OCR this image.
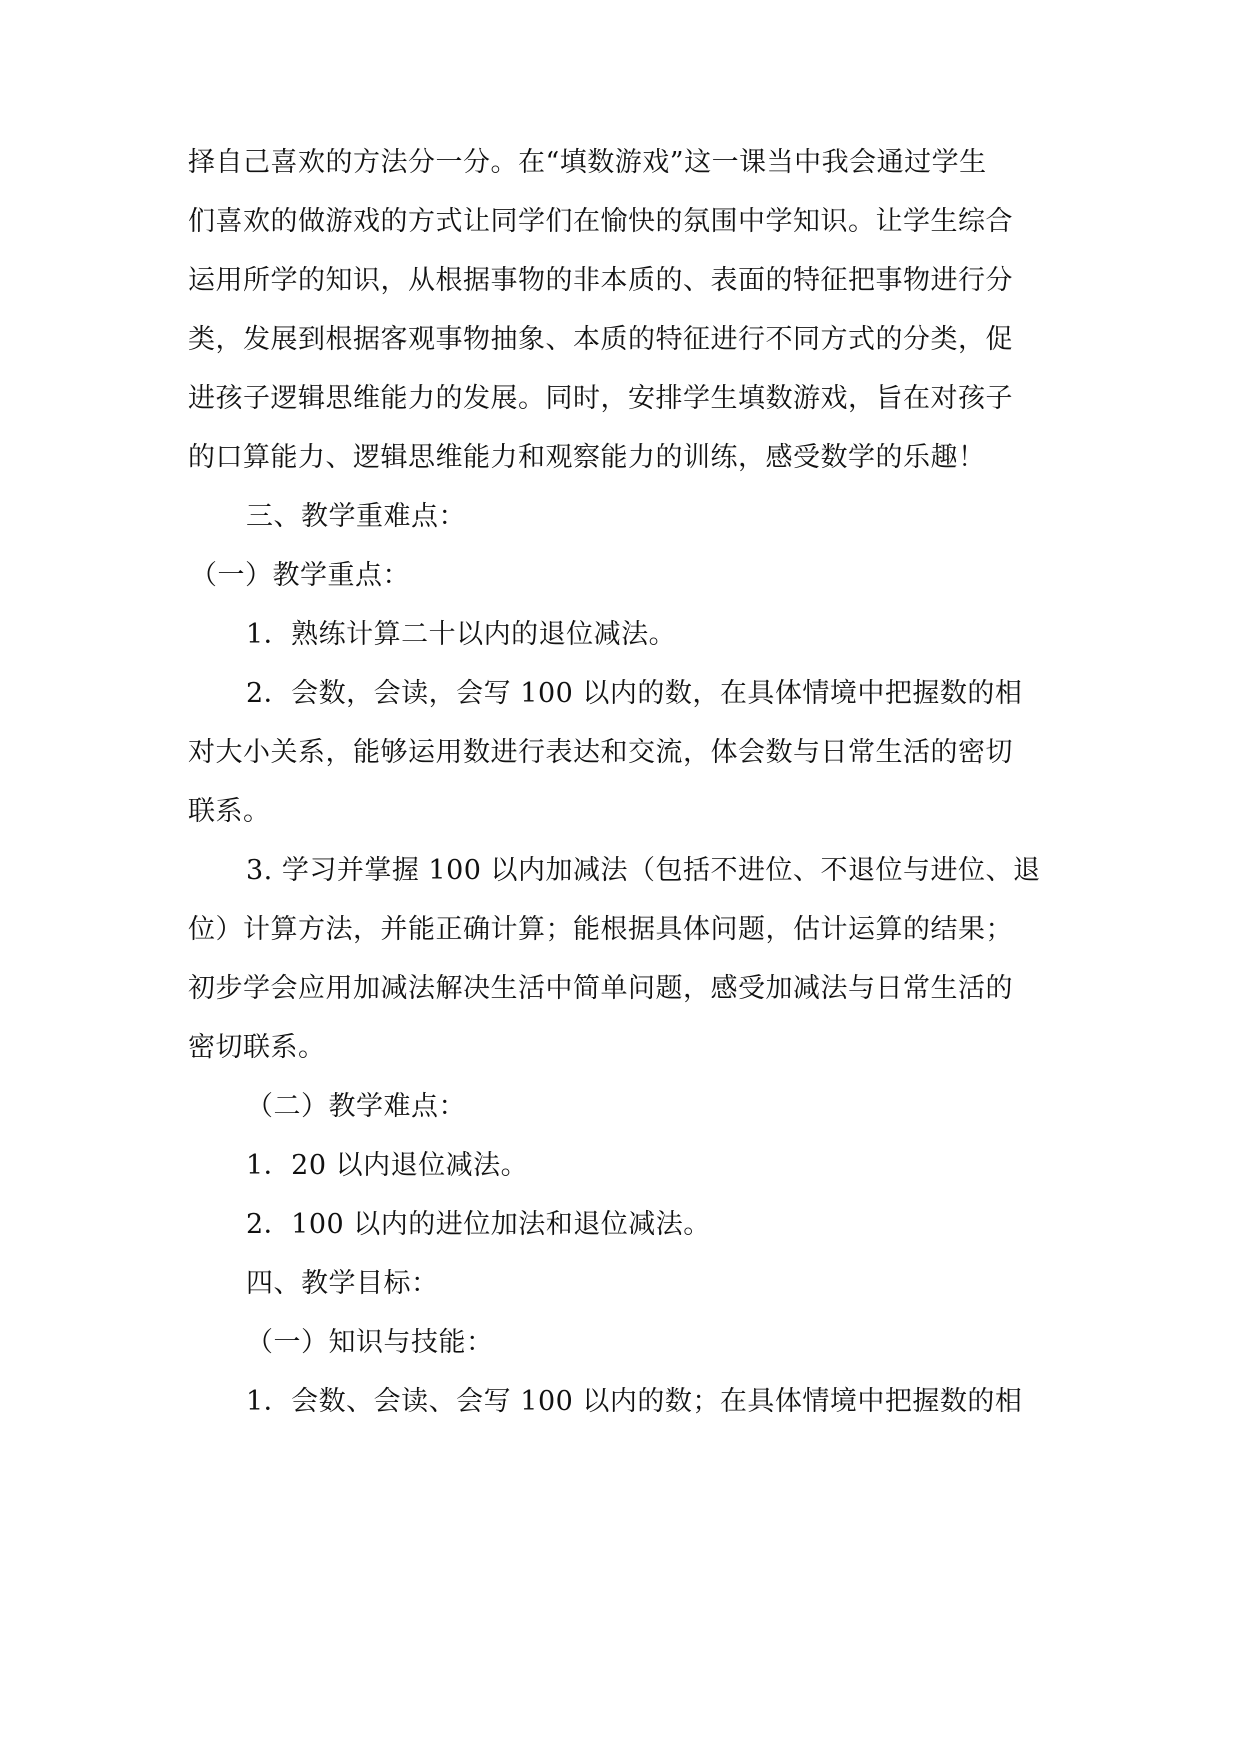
择自己喜欢的方法分一分。在“填数游戏”这一课当中我会通过学生
们喜欢的做游戏的方式让同学们在愉快的氛围中学知识。让学生综合
运用所学的知识，从根据事物的非本质的、表面的特征把事物进行分
类，发展到根据客观事物抽象、本质的特征进行不同方式的分类，促
进孩子逻辑思维能力的发展。同时，安排学生填数游戏，旨在对孩子
的口算能力、逻辑思维能力和观察能力的训练，感受数学的乐趣！
三、教学重难点：
（一）教学重点：
1．熟练计算二十以内的退位减法。
2．会数，会读，会写 100 以内的数，在具体情境中把握数的相
对大小关系，能够运用数进行表达和交流，体会数与日常生活的密切
联系。
3. 学习并掌握 100 以内加减法（包括不进位、不退位与进位、退
位）计算方法，并能正确计算；能根据具体问题，估计运算的结果；
初步学会应用加减法解决生活中简单问题，感受加减法与日常生活的
密切联系。
（二）教学难点：
1．20 以内退位减法。
2．100 以内的进位加法和退位减法。
四、教学目标：
（一）知识与技能：
1．会数、会读、会写 100 以内的数；在具体情境中把握数的相
